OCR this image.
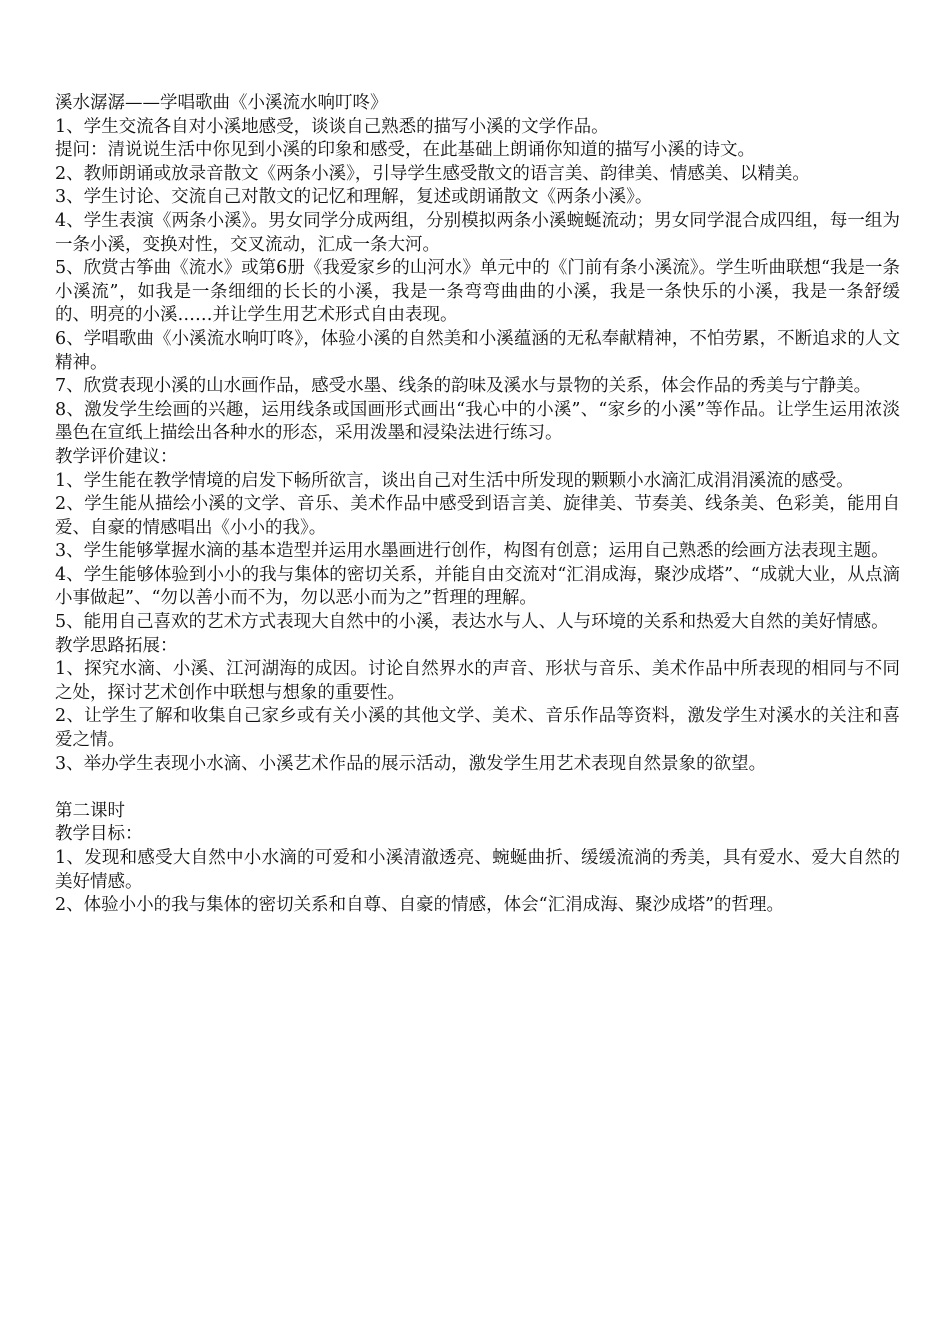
溪水潺潺——学唱歌曲《小溪流水响叮咚》

1、学生交流各自对小溪地感受，谈谈自己熟悉的描写小溪的文学作品。

提问：清说说生活中你见到小溪的印象和感受，在此基础上朗诵你知道的描写小溪的诗文。

2、教师朗诵或放录音散文《两条小溪》，引导学生感受散文的语言美、韵律美、情感美、以精美。

3、学生讨论、交流自己对散文的记忆和理解，复述或朗诵散文《两条小溪》。

4、学生表演《两条小溪》。男女同学分成两组，分别模拟两条小溪蜿蜒流动；男女同学混合成四组，每一组为一条小溪，变换对性，交叉流动，汇成一条大河。

5、欣赏古筝曲《流水》或第6册《我爱家乡的山河水》单元中的《门前有条小溪流》。学生听曲联想“我是一条小溪流”，如我是一条细细的长长的小溪，我是一条弯弯曲曲的小溪，我是一条快乐的小溪，我是一条舒缓的、明亮的小溪……并让学生用艺术形式自由表现。

6、学唱歌曲《小溪流水响叮咚》，体验小溪的自然美和小溪蕴涵的无私奉献精神，不怕劳累，不断追求的人文精神。

7、欣赏表现小溪的山水画作品，感受水墨、线条的韵味及溪水与景物的关系，体会作品的秀美与宁静美。

8、激发学生绘画的兴趣，运用线条或国画形式画出“我心中的小溪”、“家乡的小溪”等作品。让学生运用浓淡墨色在宣纸上描绘出各种水的形态，采用泼墨和浸染法进行练习。

教学评价建议：

1、学生能在教学情境的启发下畅所欲言，谈出自己对生活中所发现的颗颗小水滴汇成涓涓溪流的感受。

2、学生能从描绘小溪的文学、音乐、美术作品中感受到语言美、旋律美、节奏美、线条美、色彩美，能用自爱、自豪的情感唱出《小小的我》。

3、学生能够掌握水滴的基本造型并运用水墨画进行创作，构图有创意；运用自己熟悉的绘画方法表现主题。

4、学生能够体验到小小的我与集体的密切关系，并能自由交流对“汇涓成海，聚沙成塔”、“成就大业，从点滴小事做起”、“勿以善小而不为，勿以恶小而为之”哲理的理解。

5、能用自己喜欢的艺术方式表现大自然中的小溪，表达水与人、人与环境的关系和热爱大自然的美好情感。

教学思路拓展：

1、探究水滴、小溪、江河湖海的成因。讨论自然界水的声音、形状与音乐、美术作品中所表现的相同与不同之处，探讨艺术创作中联想与想象的重要性。

2、让学生了解和收集自己家乡或有关小溪的其他文学、美术、音乐作品等资料，激发学生对溪水的关注和喜爱之情。

3、举办学生表现小水滴、小溪艺术作品的展示活动，激发学生用艺术表现自然景象的欲望。

第二课时

教学目标：

1、发现和感受大自然中小水滴的可爱和小溪清澈透亮、蜿蜒曲折、缓缓流淌的秀美，具有爱水、爱大自然的美好情感。

2、体验小小的我与集体的密切关系和自尊、自豪的情感，体会“汇涓成海、聚沙成塔”的哲理。
